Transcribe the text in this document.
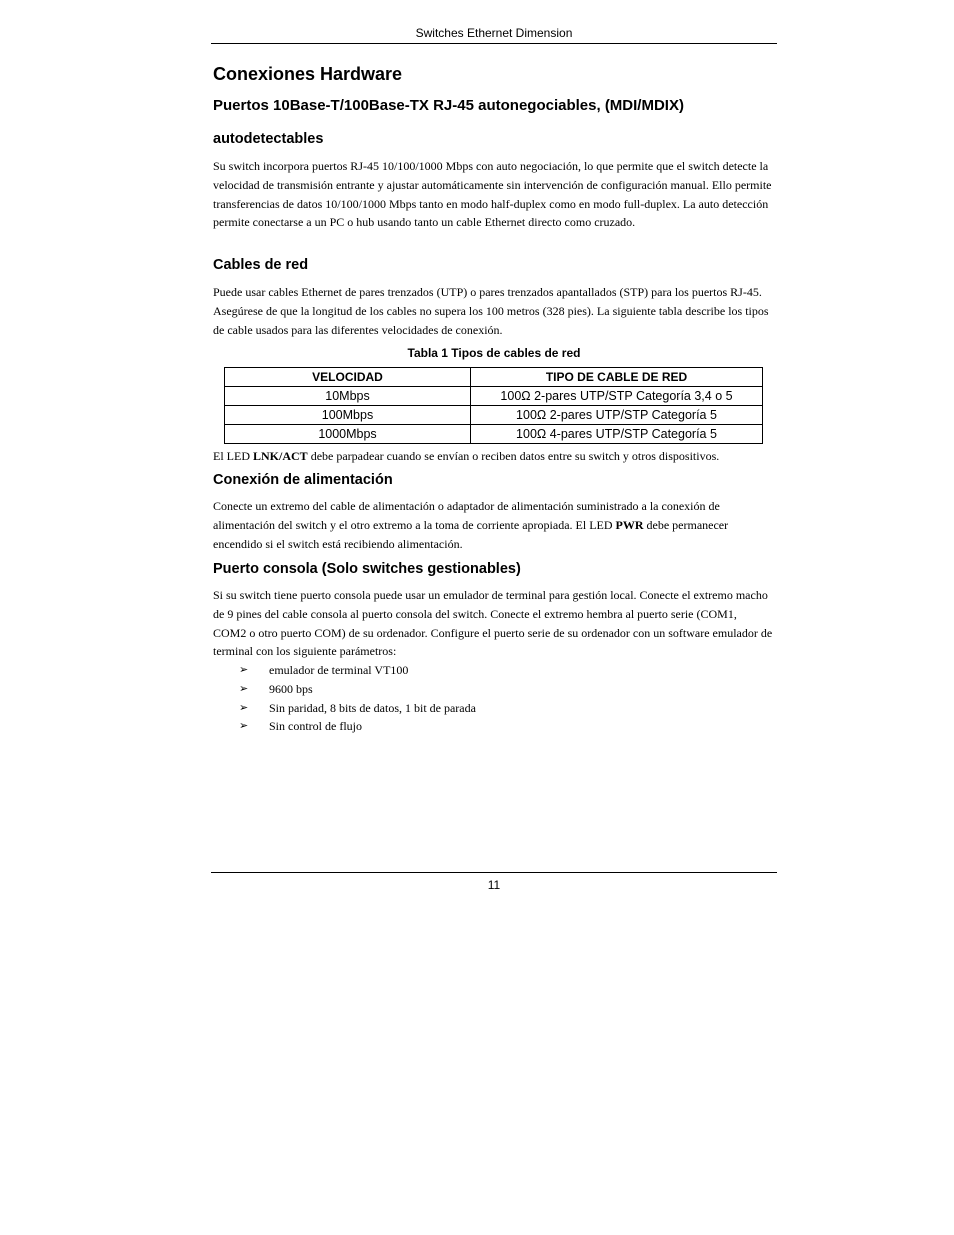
Switches Ethernet Dimension
Conexiones Hardware
Puertos 10Base-T/100Base-TX RJ-45 autonegociables, (MDI/MDIX)
autodetectables
Su switch incorpora puertos RJ-45 10/100/1000 Mbps con auto negociación, lo que permite que el switch detecte la velocidad de transmisión entrante y ajustar automáticamente sin intervención de configuración manual. Ello permite transferencias de datos 10/100/1000 Mbps tanto en modo half-duplex como en modo full-duplex. La auto detección permite conectarse a un PC o hub usando tanto un cable Ethernet directo como cruzado.
Cables de red
Puede usar cables Ethernet de pares trenzados (UTP) o pares trenzados apantallados (STP) para los puertos RJ-45. Asegúrese de que la longitud de los cables no supera los 100 metros (328 pies). La siguiente tabla describe los tipos de cable usados para las diferentes velocidades de conexión.
Tabla 1 Tipos de cables de red
VELOCIDAD	TIPO DE CABLE DE RED
10Mbps	100Ω 2-pares UTP/STP Categoría 3,4 o 5
100Mbps	100Ω 2-pares UTP/STP Categoría 5
1000Mbps	100Ω 4-pares UTP/STP Categoría 5
El LED LNK/ACT debe parpadear cuando se envían o reciben datos entre su switch y otros dispositivos.
Conexión de alimentación
Conecte un extremo del cable de alimentación o adaptador de alimentación suministrado a la conexión de alimentación del switch y el otro extremo a la toma de corriente apropiada. El LED PWR debe permanecer encendido si el switch está recibiendo alimentación.
Puerto consola (Solo switches gestionables)
Si su switch tiene puerto consola puede usar un emulador de terminal para gestión local. Conecte el extremo macho de 9 pines del cable consola al puerto consola del switch. Conecte el extremo hembra al puerto serie (COM1, COM2 o otro puerto COM) de su ordenador. Configure el puerto serie de su ordenador con un software emulador de terminal con los siguiente parámetros:
➢ emulador de terminal VT100
➢ 9600 bps
➢ Sin paridad, 8 bits de datos, 1 bit de parada
➢ Sin control de flujo
11
